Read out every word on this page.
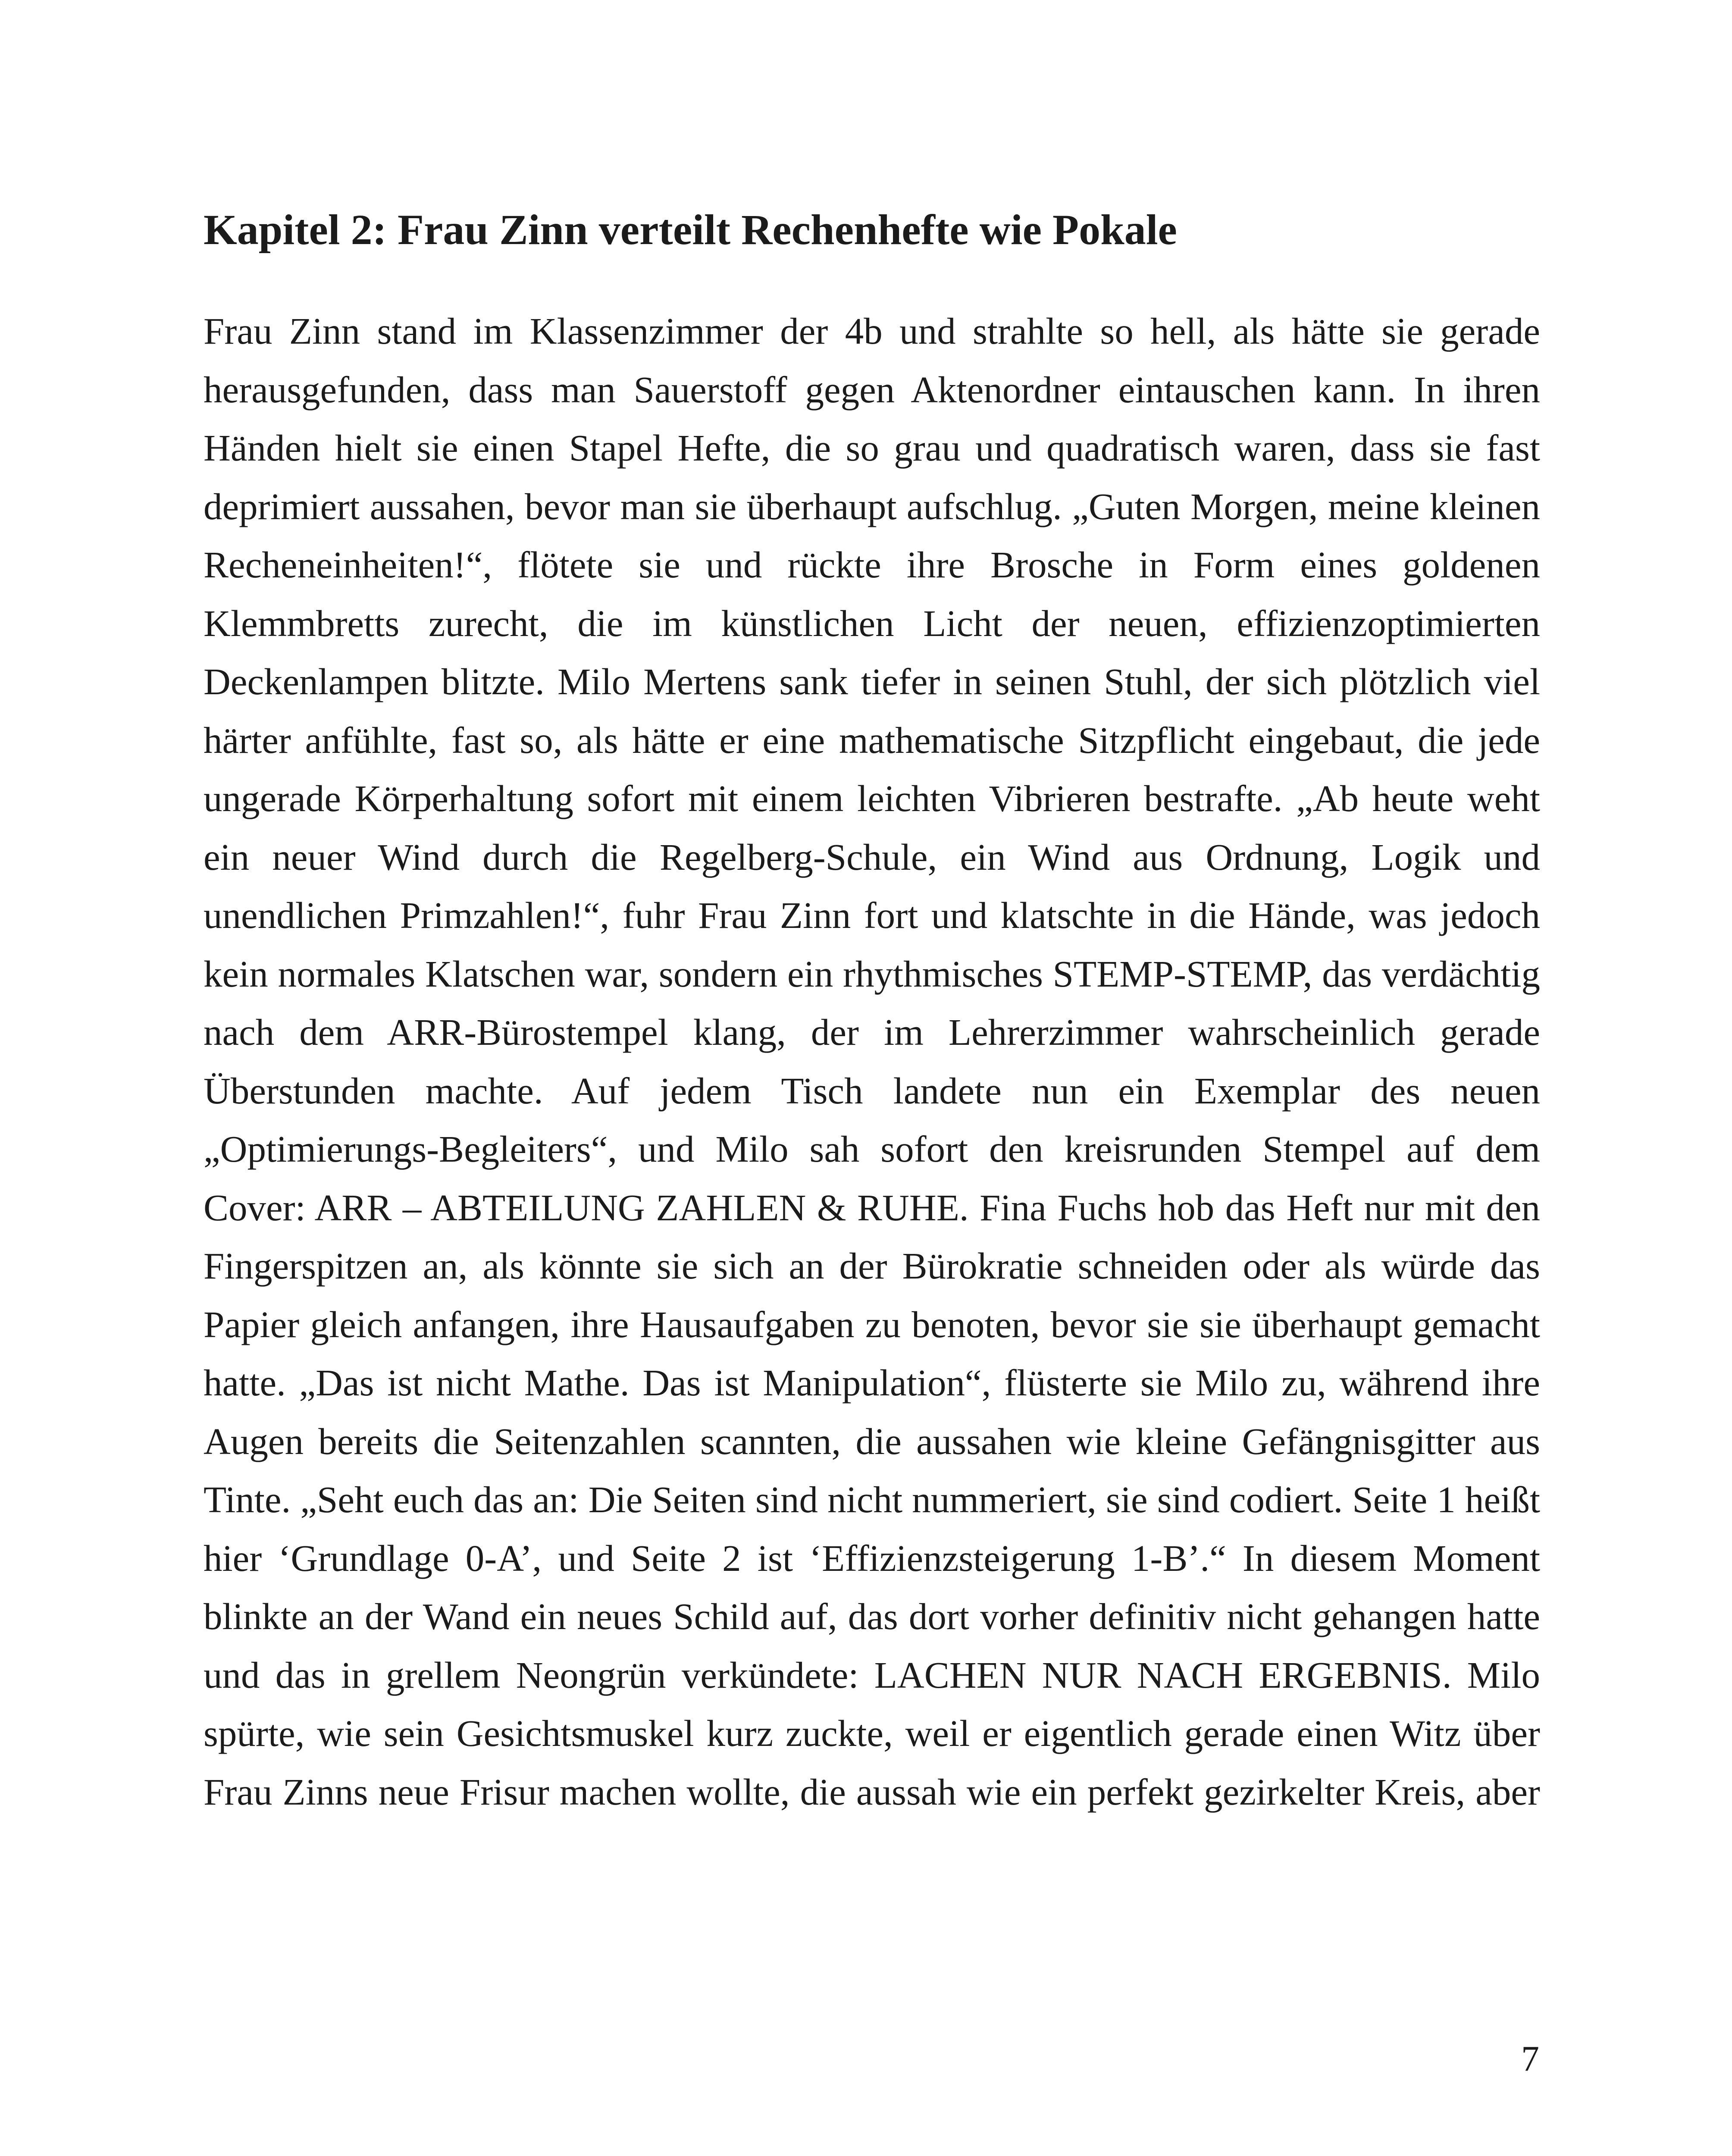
Kapitel 2: Frau Zinn verteilt Rechenhefte wie Pokale

Frau Zinn stand im Klassenzimmer der 4b und strahlte so hell, als hätte sie gerade herausgefunden, dass man Sauerstoff gegen Aktenordner eintauschen kann. In ihren Händen hielt sie einen Stapel Hefte, die so grau und quadratisch waren, dass sie fast deprimiert aussahen, bevor man sie überhaupt aufschlug. „Guten Morgen, meine kleinen Recheneinheiten!“, flötete sie und rückte ihre Brosche in Form eines goldenen Klemmbretts zurecht, die im künstlichen Licht der neuen, effizienzoptimierten Deckenlampen blitzte. Milo Mertens sank tiefer in seinen Stuhl, der sich plötzlich viel härter anfühlte, fast so, als hätte er eine mathematische Sitzpflicht eingebaut, die jede ungerade Körperhaltung sofort mit einem leichten Vibrieren bestrafte. „Ab heute weht ein neuer Wind durch die Regelberg-Schule, ein Wind aus Ordnung, Logik und unendlichen Primzahlen!“, fuhr Frau Zinn fort und klatschte in die Hände, was jedoch kein normales Klatschen war, sondern ein rhythmisches STEMP-STEMP, das verdächtig nach dem ARR-Bürostempel klang, der im Lehrerzimmer wahrscheinlich gerade Überstunden machte. Auf jedem Tisch landete nun ein Exemplar des neuen „Optimierungs-Begleiters“, und Milo sah sofort den kreisrunden Stempel auf dem Cover: ARR – ABTEILUNG ZAHLEN & RUHE. Fina Fuchs hob das Heft nur mit den Fingerspitzen an, als könnte sie sich an der Bürokratie schneiden oder als würde das Papier gleich anfangen, ihre Hausaufgaben zu benoten, bevor sie sie überhaupt gemacht hatte. „Das ist nicht Mathe. Das ist Manipulation“, flüsterte sie Milo zu, während ihre Augen bereits die Seitenzahlen scannten, die aussahen wie kleine Gefängnisgitter aus Tinte. „Seht euch das an: Die Seiten sind nicht nummeriert, sie sind codiert. Seite 1 heißt hier ‘Grundlage 0-A’, und Seite 2 ist ‘Effizienzsteigerung 1-B’.“ In diesem Moment blinkte an der Wand ein neues Schild auf, das dort vorher definitiv nicht gehangen hatte und das in grellem Neongrün verkündete: LACHEN NUR NACH ERGEBNIS. Milo spürte, wie sein Gesichtsmuskel kurz zuckte, weil er eigentlich gerade einen Witz über Frau Zinns neue Frisur machen wollte, die aussah wie ein perfekt gezirkelter Kreis, aber

7
